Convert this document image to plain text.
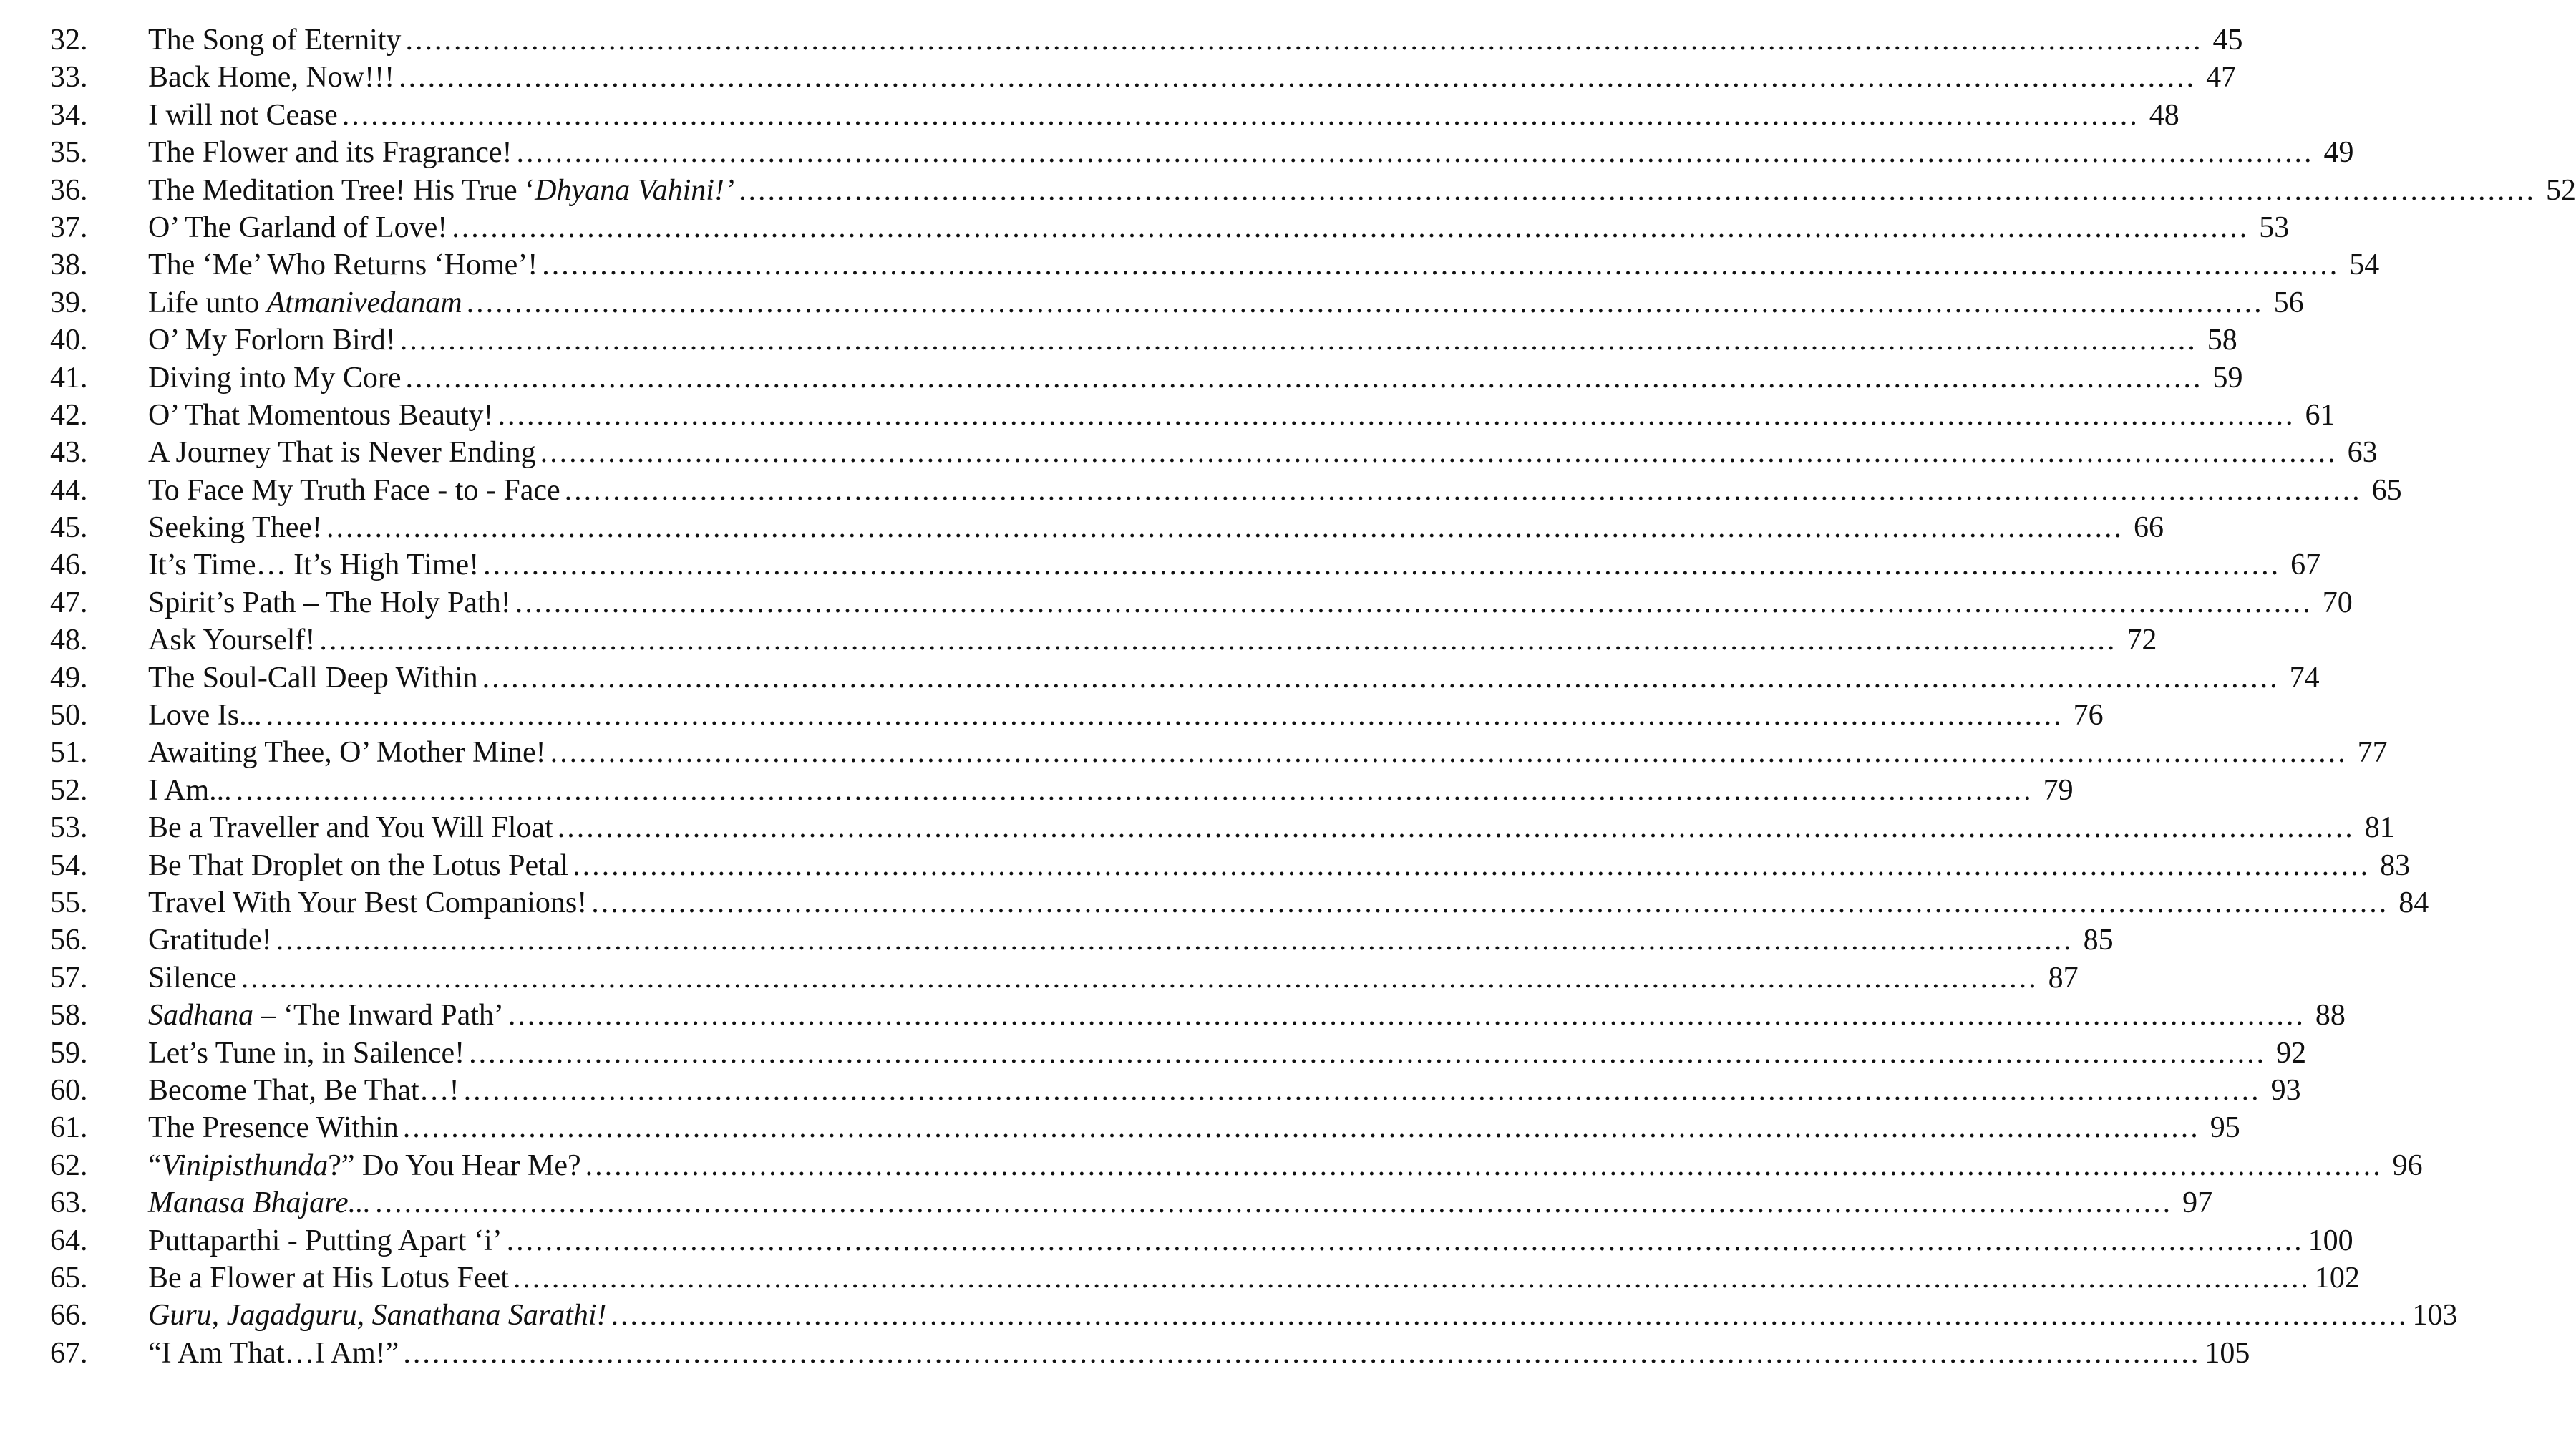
32.	The Song of Eternity .....	45
33.	Back Home, Now!!! .....	47
34.	I will not Cease .....	48
35.	The Flower and its Fragrance! .....	49
36.	The Meditation Tree! His True ‘Dhyana Vahini!’ .....	52
37.	O’ The Garland of Love! .....	53
38.	The ‘Me’ Who Returns ‘Home’! .....	54
39.	Life unto Atmanivedanam .....	56
40.	O’ My Forlorn Bird! .....	58
41.	Diving into My Core .....	59
42.	O’ That Momentous Beauty! .....	61
43.	A Journey That is Never Ending .....	63
44.	To Face My Truth Face - to - Face .....	65
45.	Seeking Thee! .....	66
46.	It’s Time… It’s High Time! .....	67
47.	Spirit’s Path – The Holy Path! .....	70
48.	Ask Yourself! .....	72
49.	The Soul-Call Deep Within .....	74
50.	Love Is... .....	76
51.	Awaiting Thee, O’ Mother Mine! .....	77
52.	I Am... .....	79
53.	Be a Traveller and You Will Float .....	81
54.	Be That Droplet on the Lotus Petal .....	83
55.	Travel With Your Best Companions! .....	84
56.	Gratitude! .....	85
57.	Silence .....	87
58.	Sadhana – ‘The Inward Path’ .....	88
59.	Let’s Tune in, in Sailence! .....	92
60.	Become That, Be That…! .....	93
61.	The Presence Within .....	95
62.	“Vinipisthunda?” Do You Hear Me? .....	96
63.	Manasa Bhajare... .....	97
64.	Puttaparthi - Putting Apart ‘i’ .....	100
65.	Be a Flower at His Lotus Feet .....	102
66.	Guru, Jagadguru, Sanathana Sarathi! .....	103
67.	“I Am That…I Am!” .....	105
